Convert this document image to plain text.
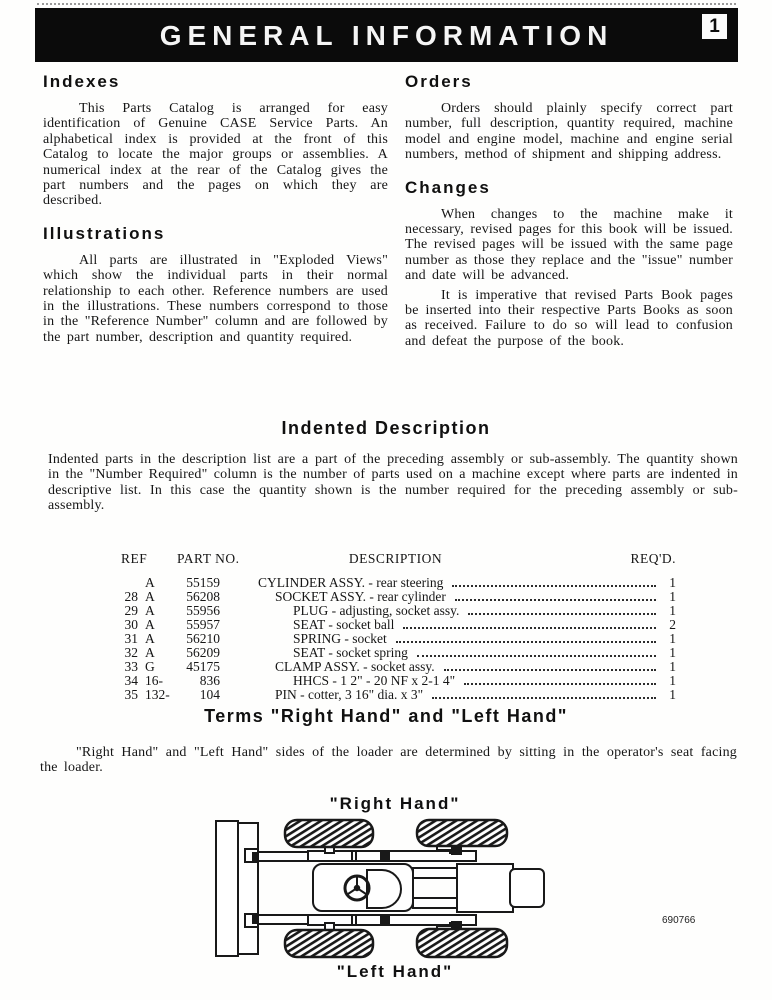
GENERAL INFORMATION	1
Indexes

This Parts Catalog is arranged for easy identification of Genuine CASE Service Parts. An alphabetical index is provided at the front of this Catalog to locate the major groups or assemblies. A numerical index at the rear of the Catalog gives the part numbers and the pages on which they are described.

Illustrations

All parts are illustrated in "Exploded Views" which show the individual parts in their normal relationship to each other. Reference numbers are used in the illustrations. These numbers correspond to those in the "Reference Number" column and are followed by the part number, description and quantity required.

Orders

Orders should plainly specify correct part number, full description, quantity required, machine model and engine model, machine and engine serial numbers, method of shipment and shipping address.

Changes

When changes to the machine make it necessary, revised pages for this book will be issued. The revised pages will be issued with the same page number as those they replace and the "issue" number and date will be advanced.

It is imperative that revised Parts Book pages be inserted into their respective Parts Books as soon as received. Failure to do so will lead to confusion and defeat the purpose of the book.

Indented Description

Indented parts in the description list are a part of the preceding assembly or sub-assembly. The quantity shown in the "Number Required" column is the number of parts used on a machine except where parts are indented in descriptive list. In this case the quantity shown is the number required for the preceding assembly or sub-assembly.

REF PART NO.	DESCRIPTION	REQ'D.
A	55159	CYLINDER ASSY. - rear steering	1
28 A	56208	SOCKET ASSY. - rear cylinder	1
29 A	55956	PLUG - adjusting, socket assy.	1
30 A	55957	SEAT - socket ball	2
31 A	56210	SPRING - socket	1
32 A	56209	SEAT - socket spring	1
33 G	45175	CLAMP ASSY. - socket assy.	1
34 16-	836	HHCS - 1 2" - 20 NF x 2-1 4"	1
35 132-	104	PIN - cotter, 3 16" dia. x 3"	1
Terms "Right Hand" and "Left Hand"

"Right Hand" and "Left Hand" sides of the loader are determined by sitting in the operator's seat facing the loader.

"Right Hand"
690766
"Left Hand"
